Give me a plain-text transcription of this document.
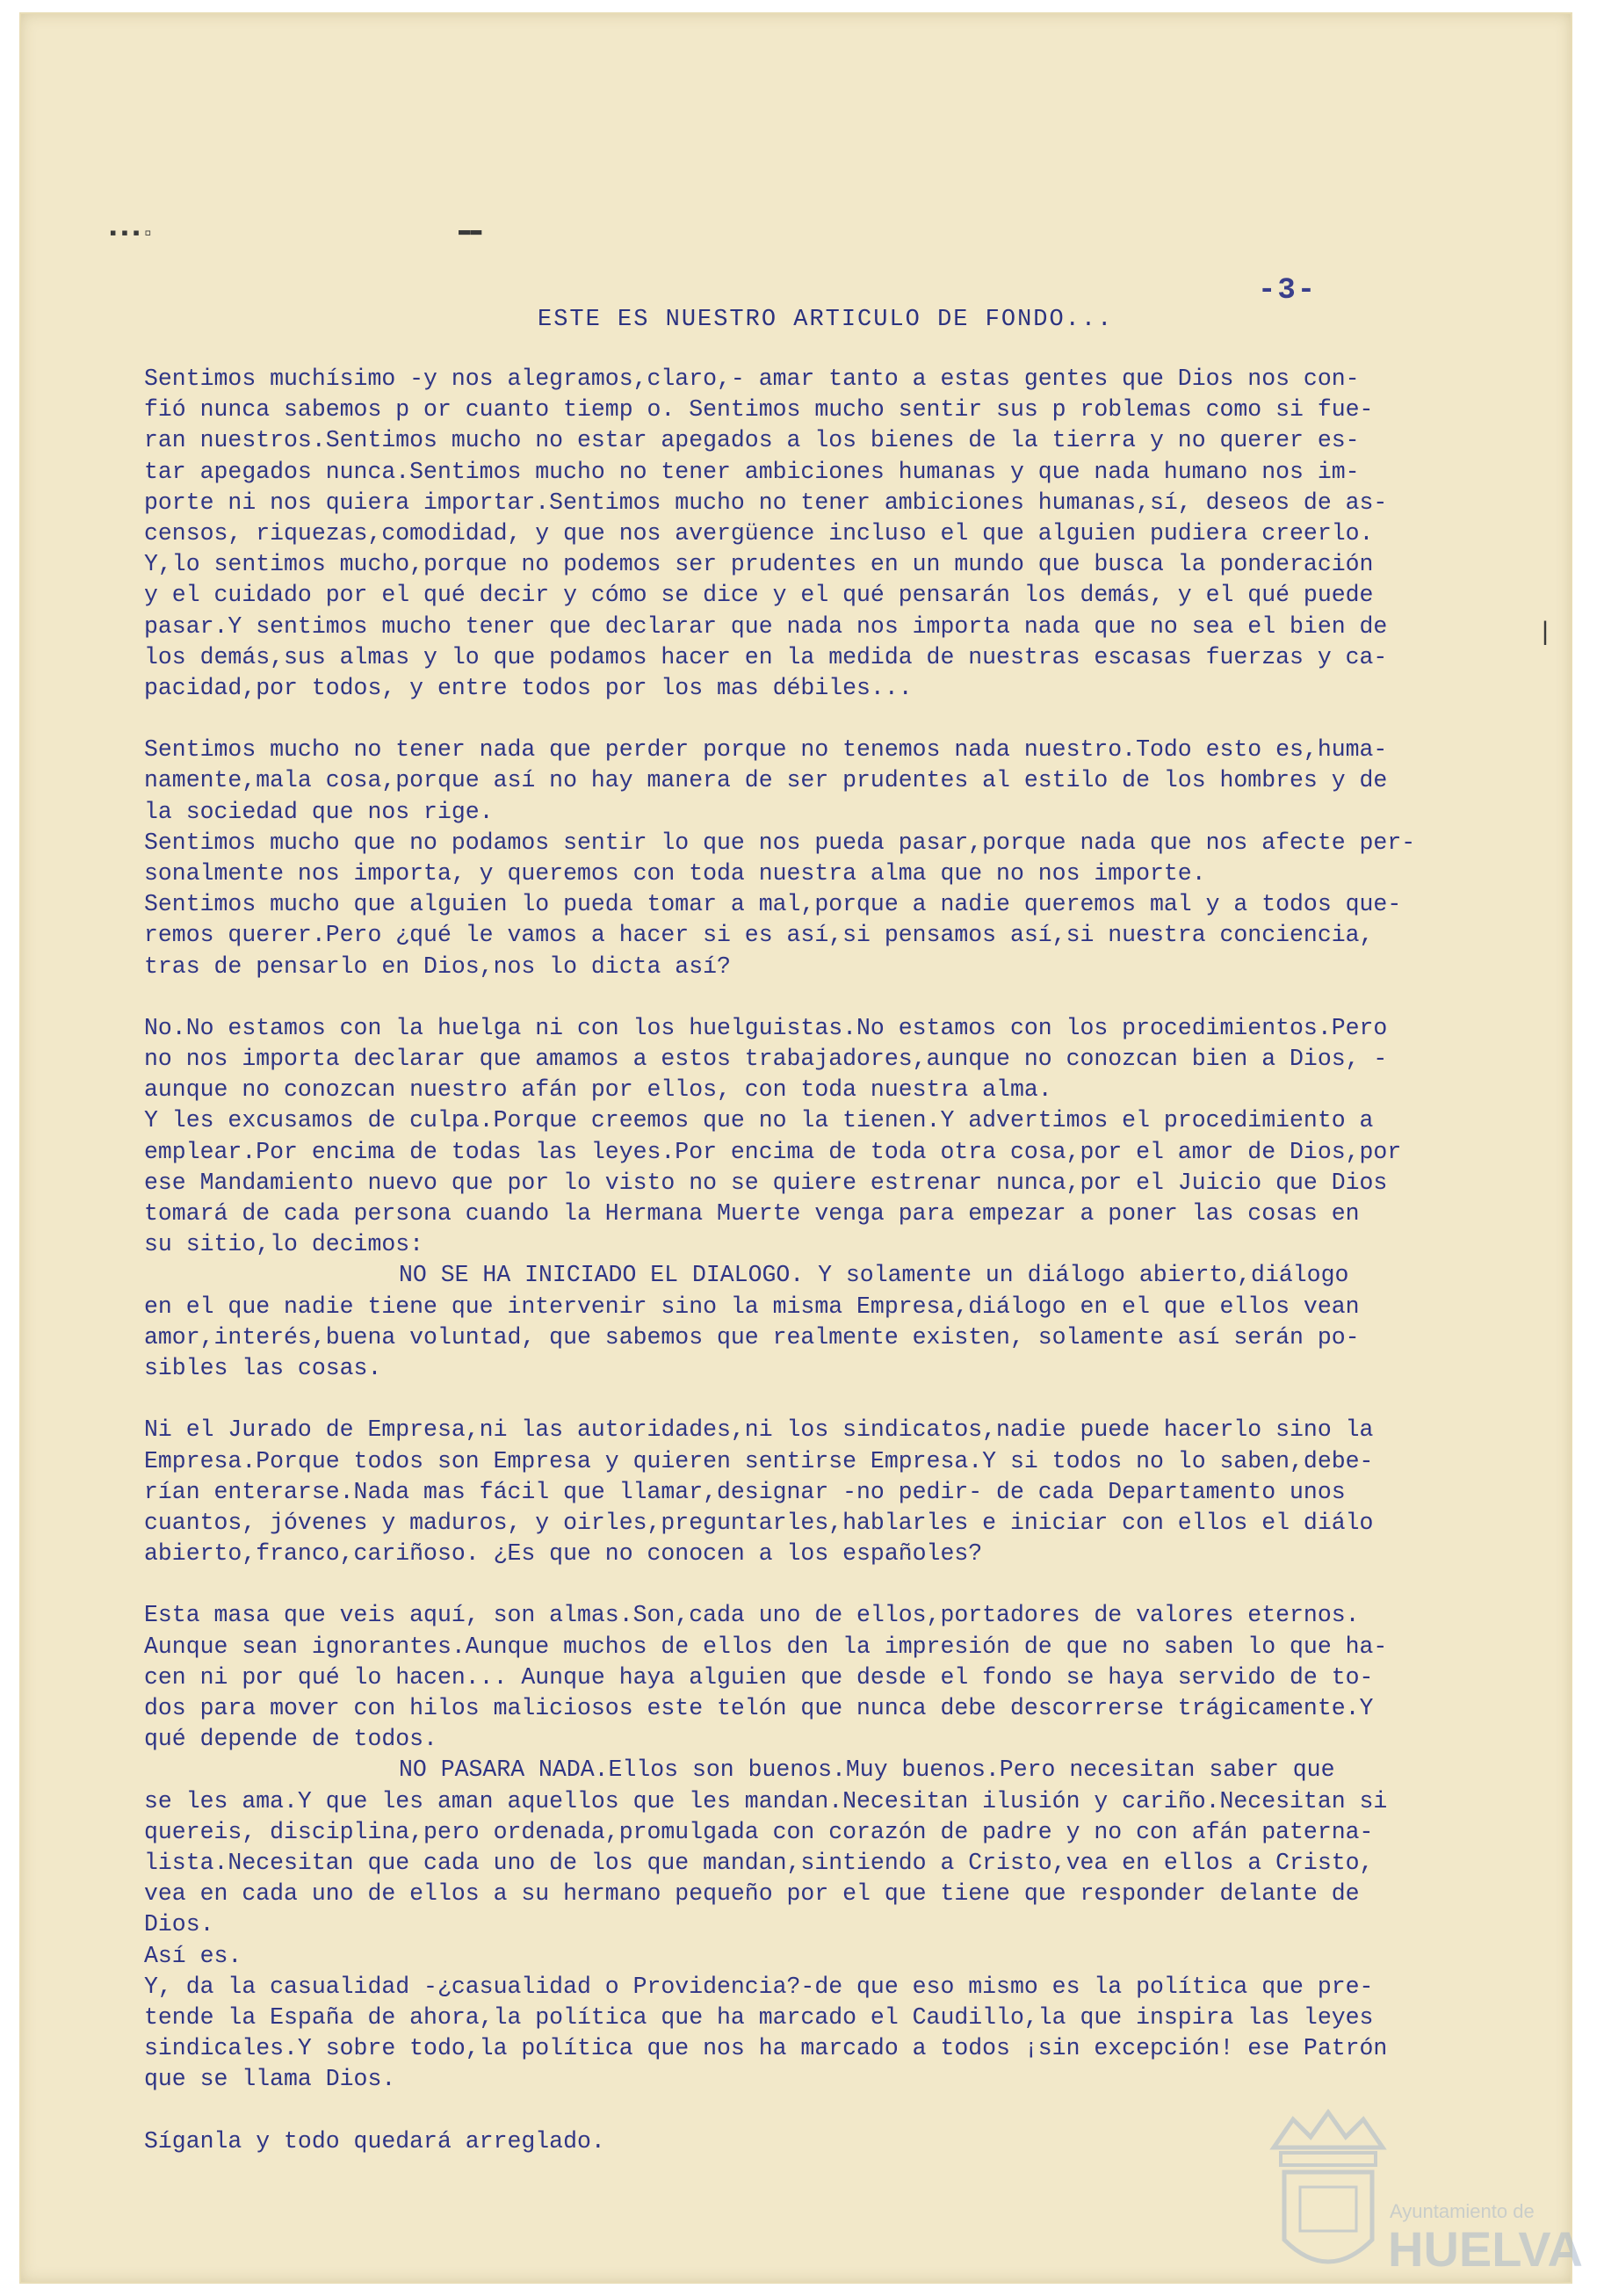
-3-
ESTE ES NUESTRO ARTICULO DE FONDO...
Sentimos muchísimo -y nos alegramos,claro,- amar tanto a estas gentes que Dios nos con-
fió nunca sabemos p or cuanto tiemp o. Sentimos mucho sentir sus p roblemas como si fue-
ran nuestros.Sentimos mucho no estar apegados a los bienes de la tierra y no querer es-
tar apegados nunca.Sentimos mucho no tener ambiciones humanas y que nada humano nos im-
porte ni nos quiera importar.Sentimos mucho no tener ambiciones humanas,sí, deseos de as-
censos, riquezas,comodidad, y que nos avergüence incluso el que alguien pudiera creerlo.
Y,lo sentimos mucho,porque no podemos ser prudentes en un mundo que busca la ponderación
y el cuidado por el qué decir y cómo se dice y el qué pensarán los demás, y el qué puede
pasar.Y sentimos mucho tener que declarar que nada nos importa nada que no sea el bien de
los demás,sus almas y lo que podamos hacer en la medida de nuestras escasas fuerzas y ca-
pacidad,por todos, y entre todos por los mas débiles...
Sentimos mucho no tener nada que perder porque no tenemos nada nuestro.Todo esto es,huma-
namente,mala cosa,porque así no hay manera de ser prudentes al estilo de los hombres y de
la sociedad que nos rige.
Sentimos mucho que no podamos sentir lo que nos pueda pasar,porque nada que nos afecte per-
sonalmente nos importa, y queremos con toda nuestra alma que no nos importe.
Sentimos mucho que alguien lo pueda tomar a mal,porque a nadie queremos mal y a todos que-
remos querer.Pero ¿qué le vamos a hacer si es así,si pensamos así,si nuestra conciencia,
tras de pensarlo en Dios,nos lo dicta así?
No.No estamos con la huelga ni con los huelguistas.No estamos con los procedimientos.Pero
no nos importa declarar que amamos a estos trabajadores,aunque no conozcan bien a Dios, -
aunque no conozcan nuestro afán por ellos, con toda nuestra alma.
Y les excusamos de culpa.Porque creemos que no la tienen.Y advertimos el procedimiento a
emplear.Por encima de todas las leyes.Por encima de toda otra cosa,por el amor de Dios,por
ese Mandamiento nuevo que por lo visto no se quiere estrenar nunca,por el Juicio que Dios
tomará de cada persona cuando la Hermana Muerte venga para empezar a poner las cosas en
su sitio,lo decimos:
NO SE HA INICIADO EL DIALOGO. Y solamente un diálogo abierto,diálogo
en el que nadie tiene que intervenir sino la misma Empresa,diálogo en el que ellos vean
amor,interés,buena voluntad, que sabemos que realmente existen, solamente así serán po-
sibles las cosas.
Ni el Jurado de Empresa,ni las autoridades,ni los sindicatos,nadie puede hacerlo sino la
Empresa.Porque todos son Empresa y quieren sentirse Empresa.Y si todos no lo saben,debe-
rían enterarse.Nada mas fácil que llamar,designar -no pedir- de cada Departamento unos
cuantos, jóvenes y maduros, y oirles,preguntarles,hablarles e iniciar con ellos el diálo
abierto,franco,cariñoso. ¿Es que no conocen a los españoles?
Esta masa que veis aquí, son almas.Son,cada uno de ellos,portadores de valores eternos.
Aunque sean ignorantes.Aunque muchos de ellos den la impresión de que no saben lo que ha-
cen ni por qué lo hacen... Aunque haya alguien que desde el fondo se haya servido de to-
dos para mover con hilos maliciosos este telón que nunca debe descorrerse trágicamente.Y
qué depende de todos.
NO PASARA NADA.Ellos son buenos.Muy buenos.Pero necesitan saber que
se les ama.Y que les aman aquellos que les mandan.Necesitan ilusión y cariño.Necesitan si
quereis, disciplina,pero ordenada,promulgada con corazón de padre y no con afán paterna-
lista.Necesitan que cada uno de los que mandan,sintiendo a Cristo,vea en ellos a Cristo,
vea en cada uno de ellos a su hermano pequeño por el que tiene que responder delante de
Dios.
Así es.
Y, da la casualidad -¿casualidad o Providencia?-de que eso mismo es la política que pre-
tende la España de ahora,la política que ha marcado el Caudillo,la que inspira las leyes
sindicales.Y sobre todo,la política que nos ha marcado a todos ¡sin excepción! ese Patrón
que se llama Dios.
Síganla y todo quedará arreglado.
▪▪▪▫	▬▬
|
Ayuntamiento de
HUELVA
